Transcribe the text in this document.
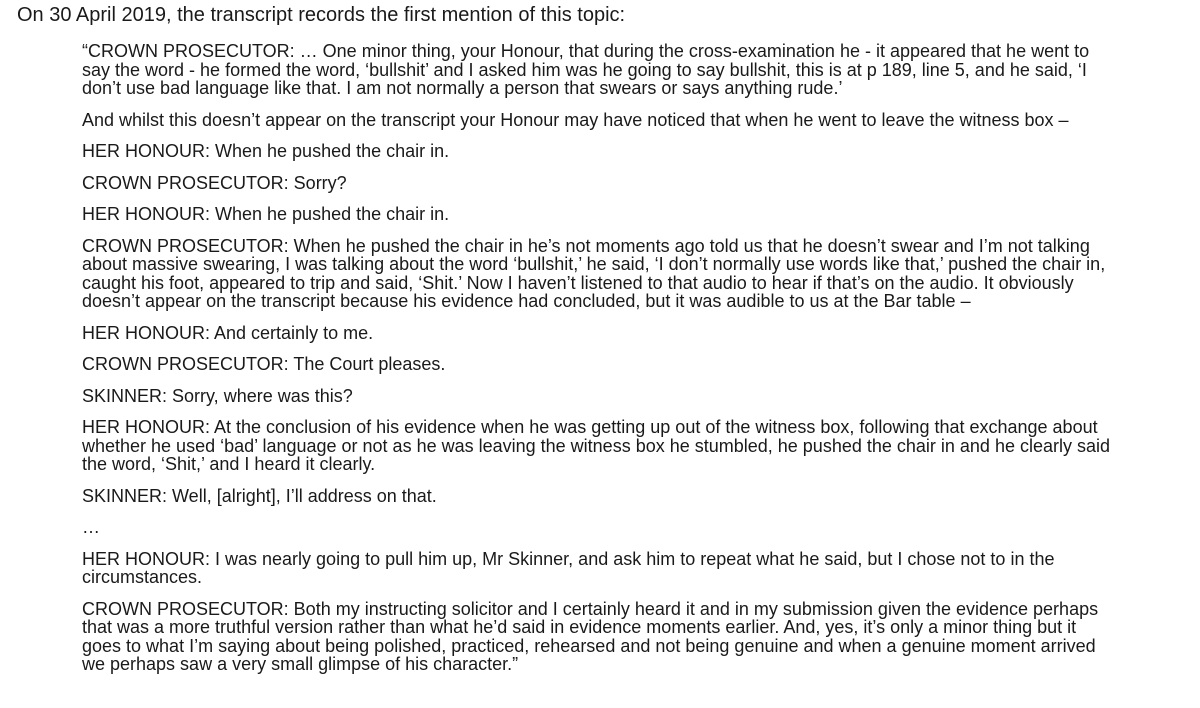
On 30 April 2019, the transcript records the first mention of this topic:

“CROWN PROSECUTOR: … One minor thing, your Honour, that during the cross-examination he - it appeared that he went to
say the word - he formed the word, ‘bullshit’ and I asked him was he going to say bullshit, this is at p 189, line 5, and he said, ‘I
don’t use bad language like that. I am not normally a person that swears or says anything rude.’

And whilst this doesn’t appear on the transcript your Honour may have noticed that when he went to leave the witness box –

HER HONOUR: When he pushed the chair in.

CROWN PROSECUTOR: Sorry?

HER HONOUR: When he pushed the chair in.

CROWN PROSECUTOR: When he pushed the chair in he’s not moments ago told us that he doesn’t swear and I’m not talking
about massive swearing, I was talking about the word ‘bullshit,’ he said, ‘I don’t normally use words like that,’ pushed the chair in,
caught his foot, appeared to trip and said, ‘Shit.’ Now I haven’t listened to that audio to hear if that’s on the audio. It obviously
doesn’t appear on the transcript because his evidence had concluded, but it was audible to us at the Bar table –

HER HONOUR: And certainly to me.

CROWN PROSECUTOR: The Court pleases.

SKINNER: Sorry, where was this?

HER HONOUR: At the conclusion of his evidence when he was getting up out of the witness box, following that exchange about
whether he used ‘bad’ language or not as he was leaving the witness box he stumbled, he pushed the chair in and he clearly said
the word, ‘Shit,’ and I heard it clearly.

SKINNER: Well, [alright], I’ll address on that.

…

HER HONOUR: I was nearly going to pull him up, Mr Skinner, and ask him to repeat what he said, but I chose not to in the
circumstances.

CROWN PROSECUTOR: Both my instructing solicitor and I certainly heard it and in my submission given the evidence perhaps
that was a more truthful version rather than what he’d said in evidence moments earlier. And, yes, it’s only a minor thing but it
goes to what I’m saying about being polished, practiced, rehearsed and not being genuine and when a genuine moment arrived
we perhaps saw a very small glimpse of his character.”
